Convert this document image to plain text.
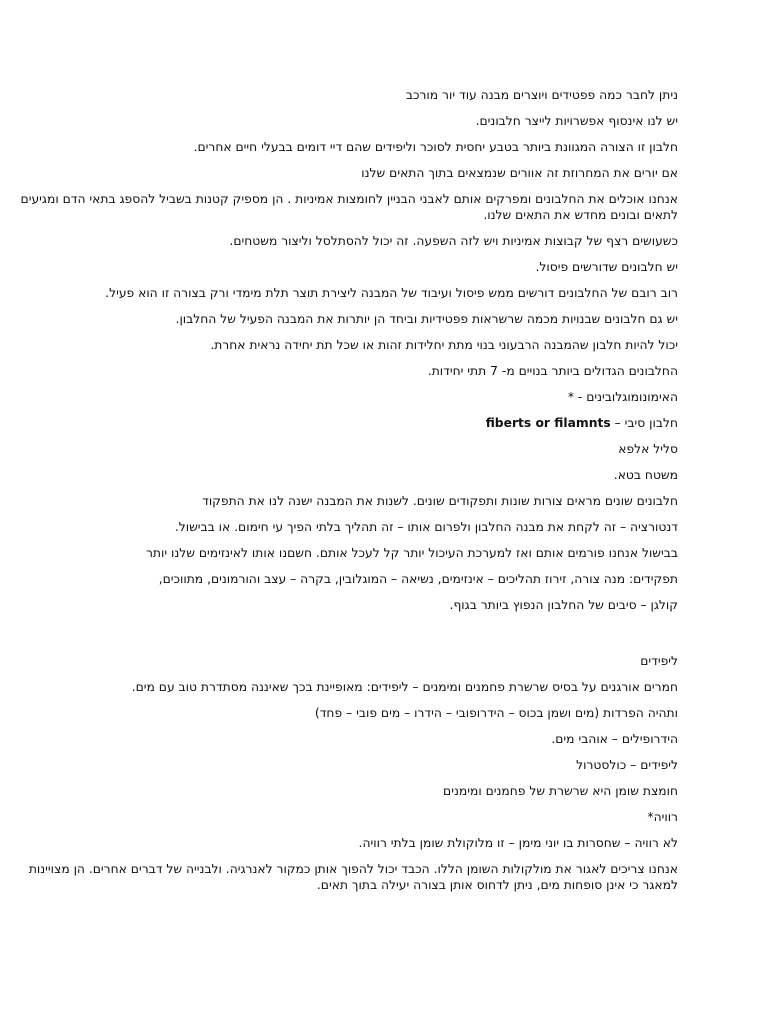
ניתן לחבר כמה פפטידים ויוצרים מבנה עוד יור מורכב

יש לנו אינסוף אפשרויות לייצר חלבונים.

חלבון זו הצורה המגוונת ביותר בטבע יחסית לסוכר וליפידים שהם דיי דומים בבעלי חיים אחרים.

אם יורים את המחרוזת זה אוורים שנמצאים בתוך התאים שלנו

אנחנו אוכלים את החלבונים ומפרקים אותם לאבני הבניין לחומצות אמיניות . הן מספיק קטנות בשביל להספג בתאי הדם ומגיעים לתאים ובונים מחדש את התאים שלנו.

כשעושים רצף של קבוצות אמיניות ויש לזה השפעה. זה יכול להסתלסל וליצור משטחים.

יש חלבונים שדורשים פיסול.

רוב רובם של החלבונים דורשים ממש פיסול ועיבוד של המבנה ליצירת תוצר תלת מימדי ורק בצורה זו הוא פעיל.

יש גם חלבונים שבנויות מכמה שרשראות פפטידיות וביחד הן יותרות את המבנה הפעיל של החלבון.

יכול להיות חלבון שהמבנה הרבעוני בנוי מתת יחלידות זהות או שכל תת יחידה נראית אחרת.

החלבונים הגדולים ביותר בנויים מ- 7 תתי יחידות.

האימונומוגלובינים - *

חלבון סיבי – fiberts or filamnts

סליל אלפא

משטח בטא.

חלבונים שונים מראים צורות שונות ותפקודים שונים. לשנות את המבנה ישנה לנו את התפקוד

דנטורציה – זה לקחת את מבנה החלבון ולפרום אותו – זה תהליך בלתי הפיך עי חימום. או בבישול.

בבישול אנחנו פורמים אותם ואז למערכת העיכול יותר קל לעכל אותם. חשםנו אותו לאינזימים שלנו יותר

תפקידים: מנה צורה, זירוז תהליכים – אינזימים, נשיאה – המוגלובין, בקרה – עצב והורמונים, מתווכים,

קולגן – סיבים של החלבון הנפוץ ביותר בגוף.

ליפידים

חמרים אורגנים על בסיס שרשרת פחמנים ומימנים – ליפידים: מאופיינת בכך שאיננה מסתדרת טוב עם מים.

ותהיה הפרדות (מים ושמן בכוס – הידרופובי – הידרו – מים פובי – פחד)

הידרופילים – אוהבי מים.

ליפידים – כולסטרול

חומצת שומן היא שרשרת של פחמנים ומימנים

רוויה*

לא רוויה – שחסרות בו יוני מימן – זו מלוקולת שומן בלתי רוויה.

אנחנו צריכים לאגור את מולקולות השומן הללו. הכבד יכול להפוך אותן כמקור לאנרגיה. ולבנייה של דברים אחרים. הן מצויינות למאגר כי אינן סופחות מים, ניתן לדחוס אותן בצורה יעילה בתוך תאים.
